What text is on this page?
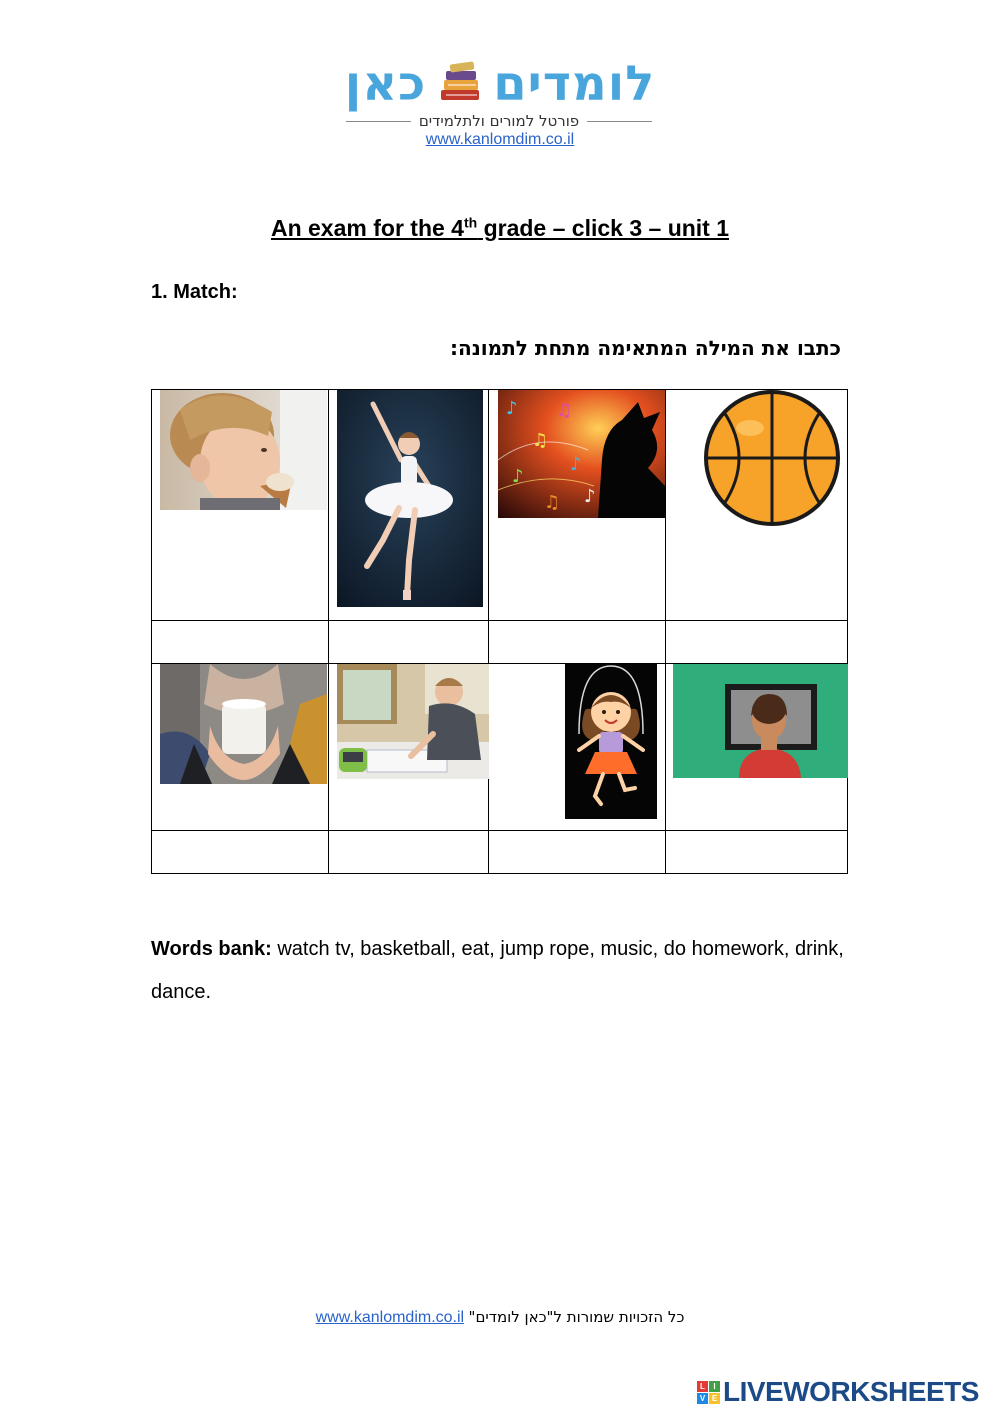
לומדים  כאן
פורטל למורים ולתלמידים
www.kanlomdim.co.il
An exam for the 4th grade – click 3 – unit 1
1. Match:
כתבו את המילה המתאימה מתחת לתמונה:
♪
♫
♪
♫
♪
♫ ♪
Words bank: watch tv, basketball, eat, jump rope, music, do homework, drink, dance.
www.kanlomdim.co.il כל הזכויות שמורות ל"כאן לומדים"
L	I
V E LIVEWORKSHEETS
